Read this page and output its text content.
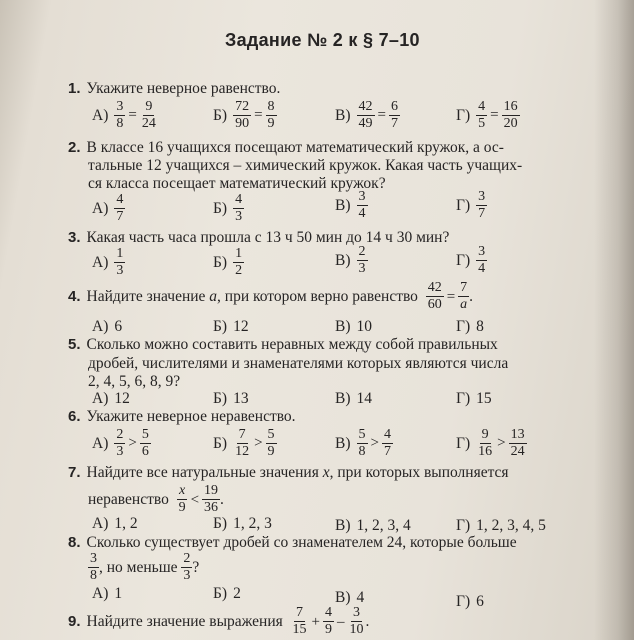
Задание № 2 к § 7–10
1. Укажите неверное равенство.
$А) \frac{3}{8} = \frac{9}{24}$	$Б) \frac{72}{90} = \frac{8}{9}$	$В) \frac{42}{49} = \frac{6}{7}$	$Г) \frac{4}{5} = \frac{16}{20}$
2. В классе 16 учащихся посещают математический кружок, а ос-
тальные 12 учащихся – химический кружок. Какая часть учащих-
ся класса посещает математический кружок?
$А) \frac{4}{7}$	$Б) \frac{4}{3}$	$В) \frac{3}{4}$	$Г) \frac{3}{7}$
3. Какая часть часа прошла с 13 ч 50 мин до 14 ч 30 мин?
$А) \frac{1}{3}$	$Б) \frac{1}{2}$	$В) \frac{2}{3}$	$Г) \frac{3}{4}$
4. Найдите значение
a , при котором верно равенство
$\frac{42}{60} = \frac{7}{a}$ .
А) 6	Б) 12	В) 10	Г) 8
5. Сколько можно составить неравных между собой правильных
дробей, числителями и знаменателями которых являются числа
2, 4, 5, 6, 8, 9?
А) 12	Б) 13	В) 14	Г) 15
6. Укажите неверное неравенство.
$А) \frac{2}{3} > \frac{5}{6}$	$Б) \frac{7}{12} > \frac{5}{9}$	$В) \frac{5}{8} > \frac{4}{7}$	$Г) \frac{9}{16} > \frac{13}{24}$
7. Найдите все натуральные значения x, при которых выполняется
неравенство
$\frac{x}{9} < \frac{19}{36}$ .
А) 1, 2	Б) 1, 2, 3	В) 1, 2, 3, 4	Г) 1, 2, 3, 4, 5
8. Сколько существует дробей со знаменателем 24, которые больше
$\frac{3}{8}$ , но меньше
$\frac{2}{3}$ ?
А) 1	Б) 2	В) 4	Г) 6
9. Найдите значение выражения
$\frac{7}{15} + \frac{4}{9} - \frac{3}{10}$ .
